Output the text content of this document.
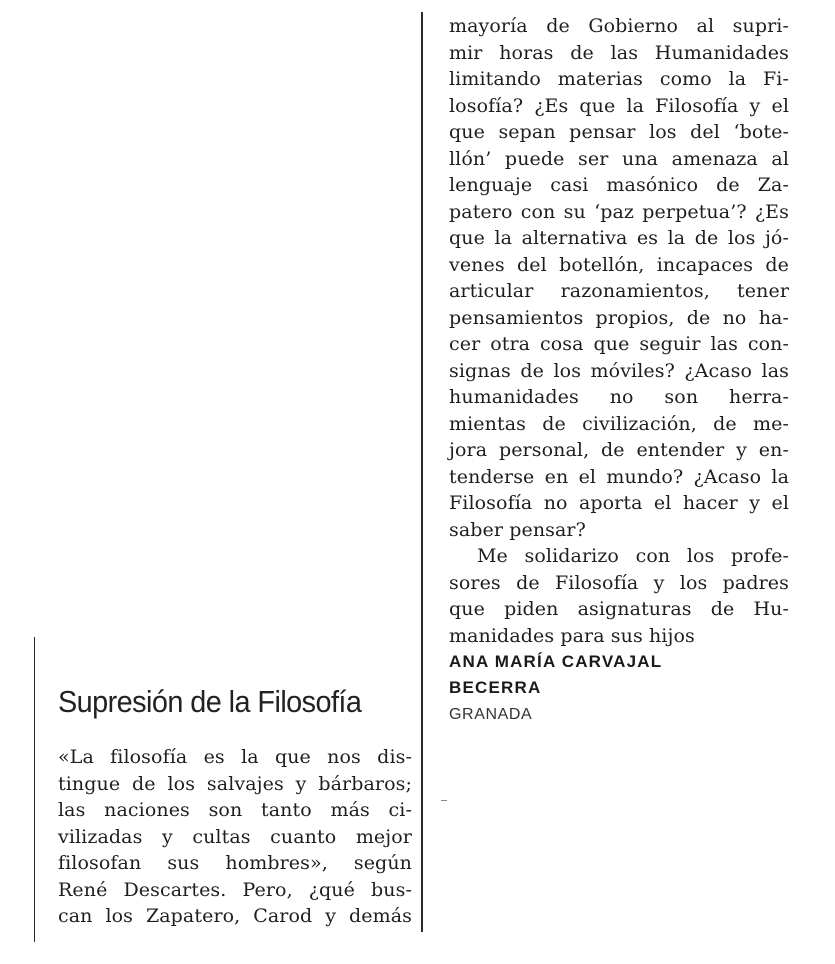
Supresión de la Filosofía
«La filosofía es la que nos dis-
tingue de los salvajes y bárbaros;
las naciones son tanto más ci-
vilizadas y cultas cuanto mejor
filosofan sus hombres», según
René Descartes. Pero, ¿qué bus-
can los Zapatero, Carod y demás
mayoría de Gobierno al supri-
mir horas de las Humanidades
limitando materias como la Fi-
losofía? ¿Es que la Filosofía y el
que sepan pensar los del ‘bote-
llón’ puede ser una amenaza al
lenguaje casi masónico de Za-
patero con su ‘paz perpetua’? ¿Es
que la alternativa es la de los jó-
venes del botellón, incapaces de
articular razonamientos, tener
pensamientos propios, de no ha-
cer otra cosa que seguir las con-
signas de los móviles? ¿Acaso las
humanidades no son herra-
mientas de civilización, de me-
jora personal, de entender y en-
tenderse en el mundo? ¿Acaso la
Filosofía no aporta el hacer y el
saber pensar?
Me solidarizo con los profe-
sores de Filosofía y los padres
que piden asignaturas de Hu-
manidades para sus hijos
ANA MARÍA CARVAJAL
BECERRA
GRANADA
